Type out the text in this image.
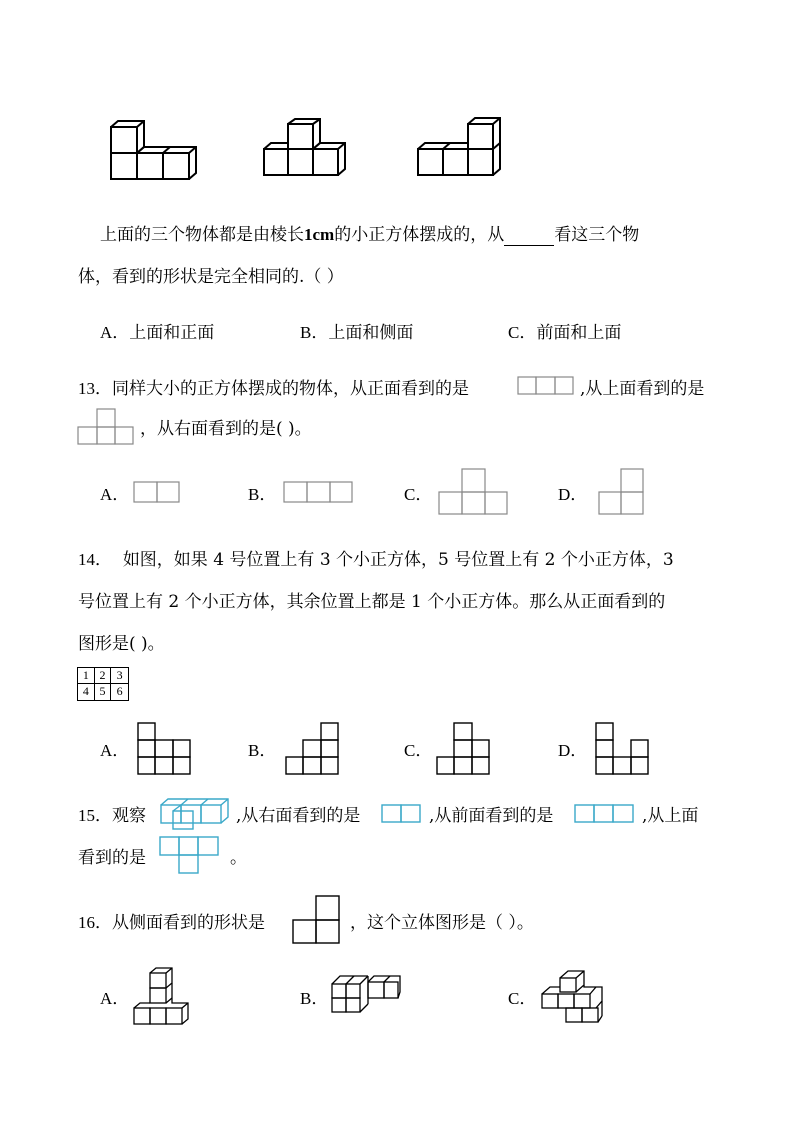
上面的三个物体都是由棱长1cm的小正方体摆成的，从	看这三个物
体，看到的形状是完全相同的.（ ）
A．上面和正面	B．上面和侧面	C．前面和上面
13．同样大小的正方体摆成的物体，从正面看到的是	,从上面看到的是
，从右面看到的是( )。
A．	B．	C．	D．
14． 如图，如果 4 号位置上有 3 个小正方体，5 号位置上有 2 个小正方体，3
号位置上有 2 个小正方体，其余位置上都是 1 个小正方体。那么从正面看到的
图形是( )。
1 2 3
4 5 6
A．	B．	C．	D．
15．观察	,从右面看到的是	,从前面看到的是	,从上面
看到的是	。
16．从侧面看到的形状是	，这个立体图形是（ ）。
A．	B．	C．
